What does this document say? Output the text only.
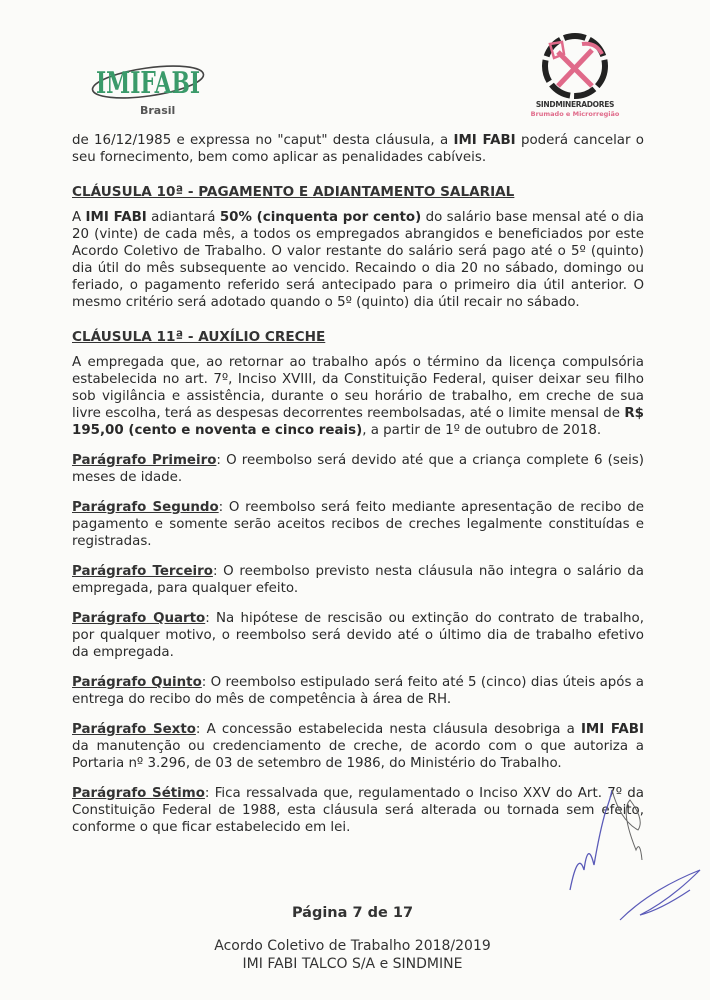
IMIFABI
Brasil	SINDMINERADORES
Brumado e Microrregião

de 16/12/1985 e expressa no "caput" desta cláusula, a IMI FABI poderá cancelar o seu fornecimento, bem como aplicar as penalidades cabíveis.

CLÁUSULA 10ª - PAGAMENTO E ADIANTAMENTO SALARIAL

A IMI FABI adiantará 50% (cinquenta por cento) do salário base mensal até o dia 20 (vinte) de cada mês, a todos os empregados abrangidos e beneficiados por este Acordo Coletivo de Trabalho. O valor restante do salário será pago até o 5º (quinto) dia útil do mês subsequente ao vencido. Recaindo o dia 20 no sábado, domingo ou feriado, o pagamento referido será antecipado para o primeiro dia útil anterior. O mesmo critério será adotado quando o 5º (quinto) dia útil recair no sábado.

CLÁUSULA 11ª - AUXÍLIO CRECHE

A empregada que, ao retornar ao trabalho após o término da licença compulsória estabelecida no art. 7º, Inciso XVIII, da Constituição Federal, quiser deixar seu filho sob vigilância e assistência, durante o seu horário de trabalho, em creche de sua livre escolha, terá as despesas decorrentes reembolsadas, até o limite mensal de R$ 195,00 (cento e noventa e cinco reais), a partir de 1º de outubro de 2018.

Parágrafo Primeiro: O reembolso será devido até que a criança complete 6 (seis) meses de idade.

Parágrafo Segundo: O reembolso será feito mediante apresentação de recibo de pagamento e somente serão aceitos recibos de creches legalmente constituídas e registradas.

Parágrafo Terceiro: O reembolso previsto nesta cláusula não integra o salário da empregada, para qualquer efeito.

Parágrafo Quarto: Na hipótese de rescisão ou extinção do contrato de trabalho, por qualquer motivo, o reembolso será devido até o último dia de trabalho efetivo da empregada.

Parágrafo Quinto: O reembolso estipulado será feito até 5 (cinco) dias úteis após a entrega do recibo do mês de competência à área de RH.

Parágrafo Sexto: A concessão estabelecida nesta cláusula desobriga a IMI FABI da manutenção ou credenciamento de creche, de acordo com o que autoriza a Portaria nº 3.296, de 03 de setembro de 1986, do Ministério do Trabalho.

Parágrafo Sétimo: Fica ressalvada que, regulamentado o Inciso XXV do Art. 7º da Constituição Federal de 1988, esta cláusula será alterada ou tornada sem efeito, conforme o que ficar estabelecido em lei.

Página 7 de 17
Acordo Coletivo de Trabalho 2018/2019
IMI FABI TALCO S/A e SINDMINE
